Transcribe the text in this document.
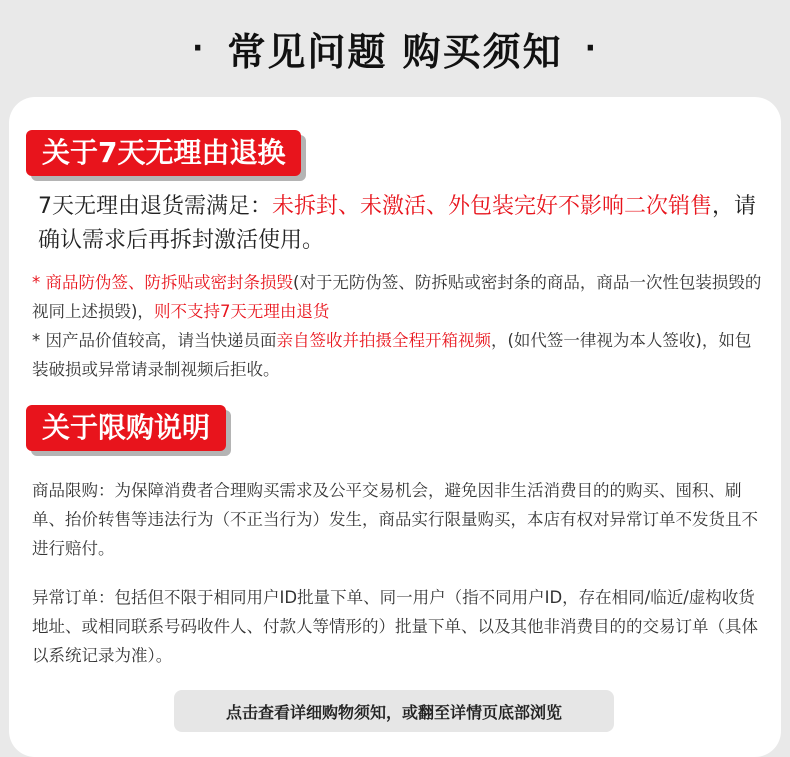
· 常见问题 购买须知 ·
关于7天无理由退换
7天无理由退货需满足：未拆封、未激活、外包装完好不影响二次销售，请确认需求后再拆封激活使用。
* 商品防伪签、防拆贴或密封条损毁(对于无防伪签、防拆贴或密封条的商品，商品一次性包装损毁的视同上述损毁)，则不支持7天无理由退货
* 因产品价值较高，请当快递员面亲自签收并拍摄全程开箱视频，(如代签一律视为本人签收)，如包装破损或异常请录制视频后拒收。
关于限购说明
商品限购：为保障消费者合理购买需求及公平交易机会，避免因非生活消费目的的购买、囤积、刷单、抬价转售等违法行为（不正当行为）发生，商品实行限量购买，本店有权对异常订单不发货且不进行赔付。
异常订单：包括但不限于相同用户ID批量下单、同一用户（指不同用户ID，存在相同/临近/虚构收货地址、或相同联系号码收件人、付款人等情形的）批量下单、以及其他非消费目的的交易订单（具体以系统记录为准）。
点击查看详细购物须知，或翻至详情页底部浏览
